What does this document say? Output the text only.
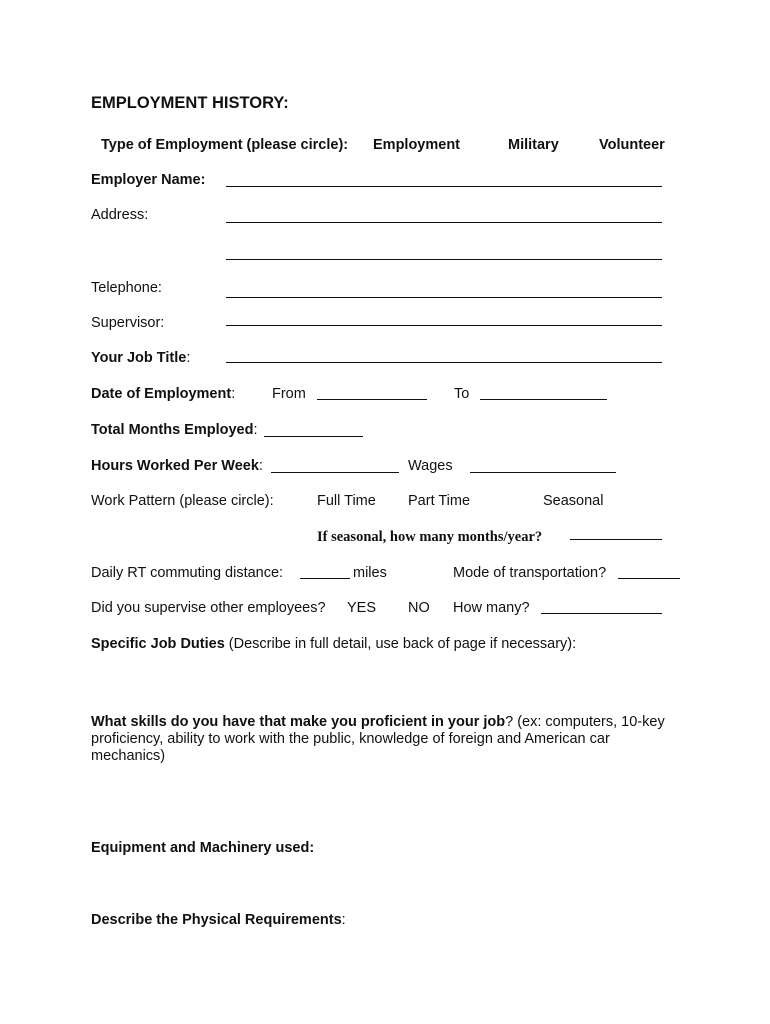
EMPLOYMENT HISTORY:
Type of Employment (please circle): Employment	Military	Volunteer
Employer Name:
Address:
Telephone:
Supervisor:
Your Job Title:
Date of Employment:	From	To
Total Months Employed:
Hours Worked Per Week:	Wages
Work Pattern (please circle):	Full Time Part Time	Seasonal
If seasonal, how many months/year?
Daily RT commuting distance:	miles	Mode of transportation?
Did you supervise other employees? YES NO How many?
Specific Job Duties (Describe in full detail, use back of page if necessary):
What skills do you have that make you proficient in your job? (ex: computers, 10-key proficiency, ability to work with the public, knowledge of foreign and American car mechanics)
Equipment and Machinery used:
Describe the Physical Requirements:
